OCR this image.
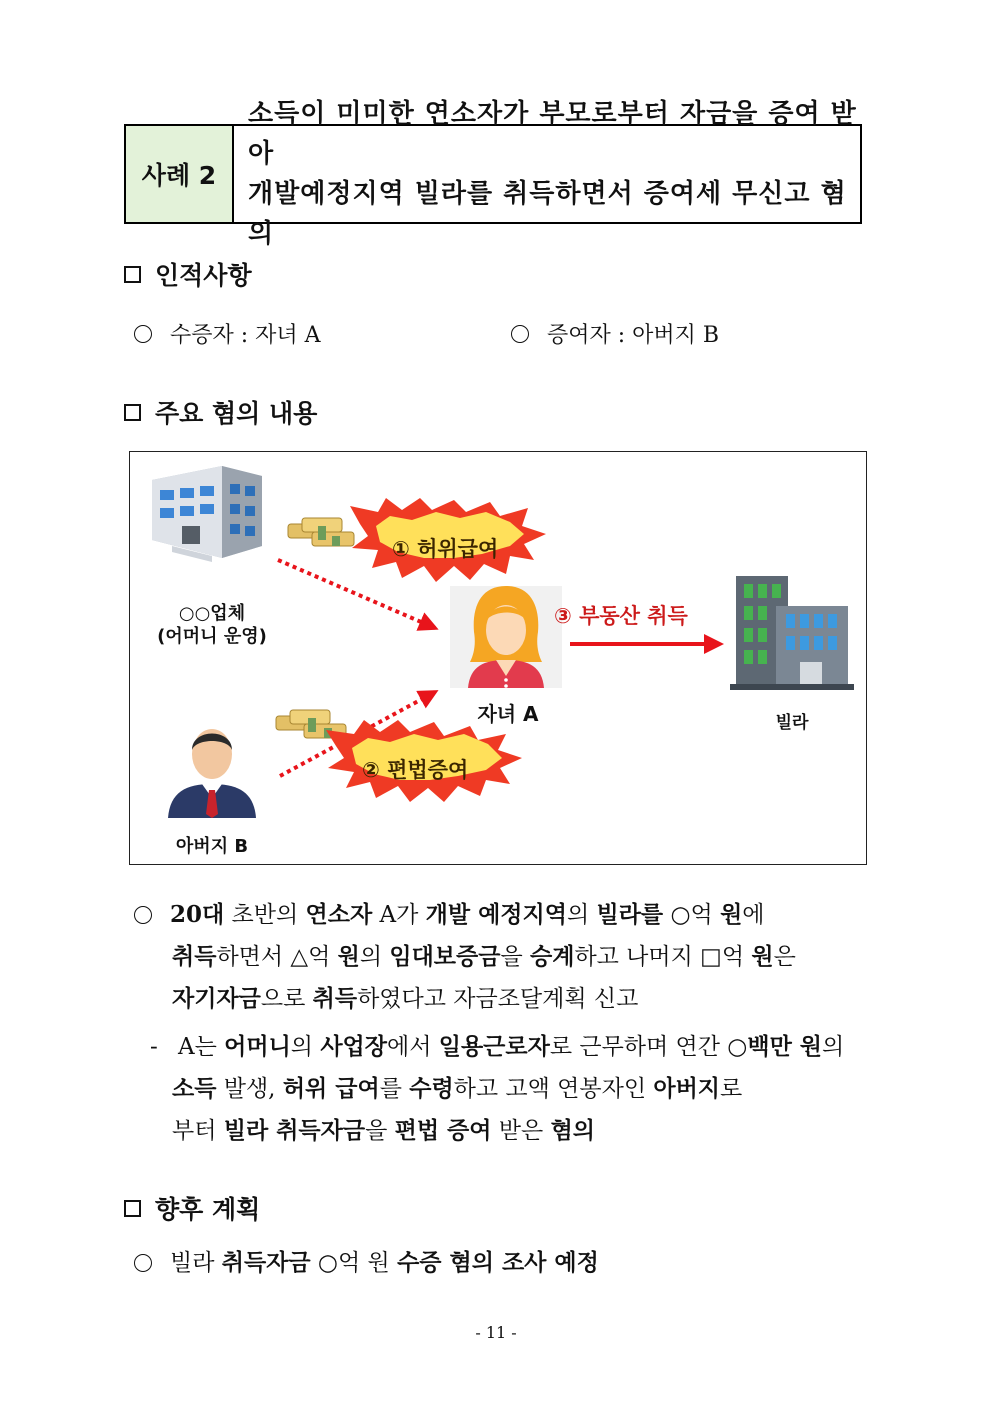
사례 2
소득이 미미한 연소자가 부모로부터 자금을 증여 받아
개발예정지역 빌라를 취득하면서 증여세 무신고 혐의
인적사항
수증자 : 자녀 A	증여자 : 아버지 B
주요 혐의 내용
○○업체
(어머니 운영)
아버지 B
자녀 A	빌라
① 허위급여
② 편법증여
③ 부동산 취득
20대 초반의 연소자 A가 개발 예정지역의 빌라를 ○억 원에
취득하면서 △억 원의 임대보증금을 승계하고 나머지 □억 원은
자기자금으로 취득하였다고 자금조달계획 신고
- A는 어머니의 사업장에서 일용근로자로 근무하며 연간 ○백만 원의
소득 발생, 허위 급여를 수령하고 고액 연봉자인 아버지로
부터 빌라 취득자금을 편법 증여 받은 혐의
향후 계획
빌라 취득자금 ○억 원 수증 혐의 조사 예정
- 11 -
